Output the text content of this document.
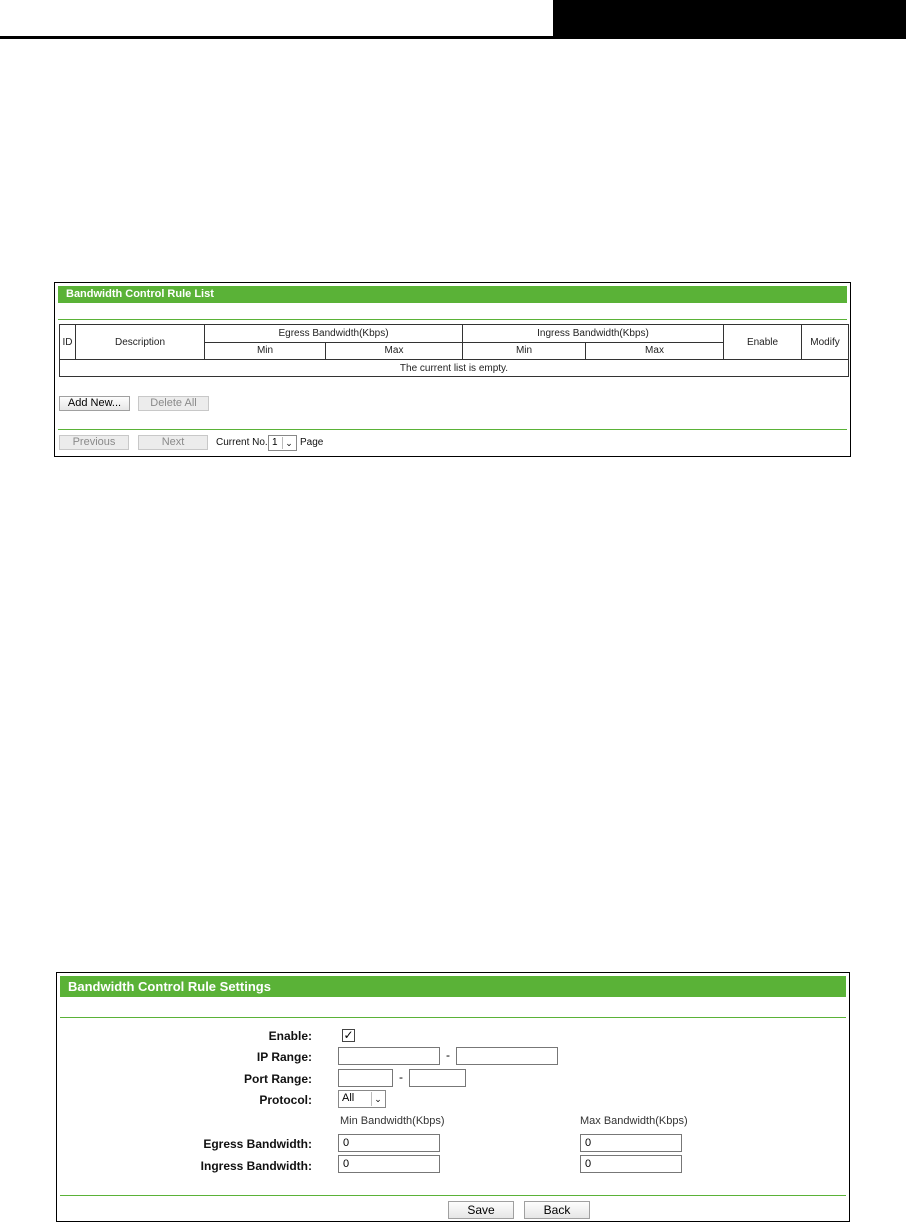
Bandwidth Control Rule List
ID	Description	Egress Bandwidth(Kbps)		Ingress Bandwidth(Kbps)		Enable	Modify
		Min	Max	Min	Max		
The current list is empty.							
Add New...	Delete All
Previous	Next	Current No. 1 ⌄ Page
Bandwidth Control Rule Settings
Enable:	✓
IP Range:	-
Port Range:	-
Protocol:	All	⌄
Min Bandwidth(Kbps)	Max Bandwidth(Kbps)
Egress Bandwidth:	0	0
Ingress Bandwidth:	0	0
Save	Back
